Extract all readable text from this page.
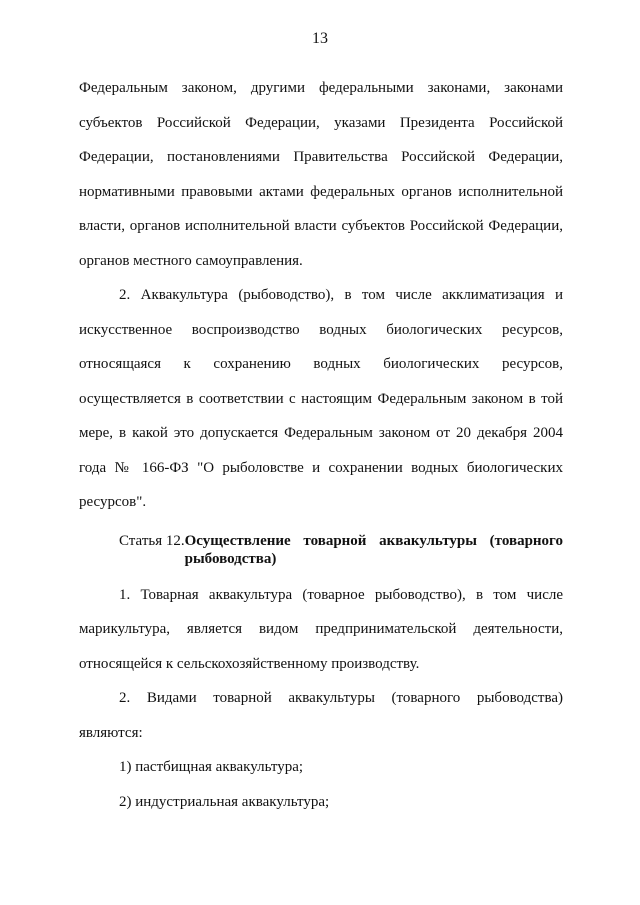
13

Федеральным законом, другими федеральными законами, законами субъектов Российской Федерации, указами Президента Российской Федерации, постановлениями Правительства Российской Федерации, нормативными правовыми актами федеральных органов исполнительной власти, органов исполнительной власти субъектов Российской Федерации, органов местного самоуправления.

2. Аквакультура (рыбоводство), в том числе акклиматизация и искусственное воспроизводство водных биологических ресурсов, относящаяся к сохранению водных биологических ресурсов, осуществляется в соответствии с настоящим Федеральным законом в той мере, в какой это допускается Федеральным законом от 20 декабря 2004 года № 166-ФЗ "О рыболовстве и сохранении водных биологических ресурсов".

Статья 12. Осуществление товарной аквакультуры (товарного рыбоводства)

1. Товарная аквакультура (товарное рыбоводство), в том числе марикультура, является видом предпринимательской деятельности, относящейся к сельскохозяйственному производству.

2. Видами товарной аквакультуры (товарного рыбоводства) являются:

1) пастбищная аквакультура;

2) индустриальная аквакультура;
